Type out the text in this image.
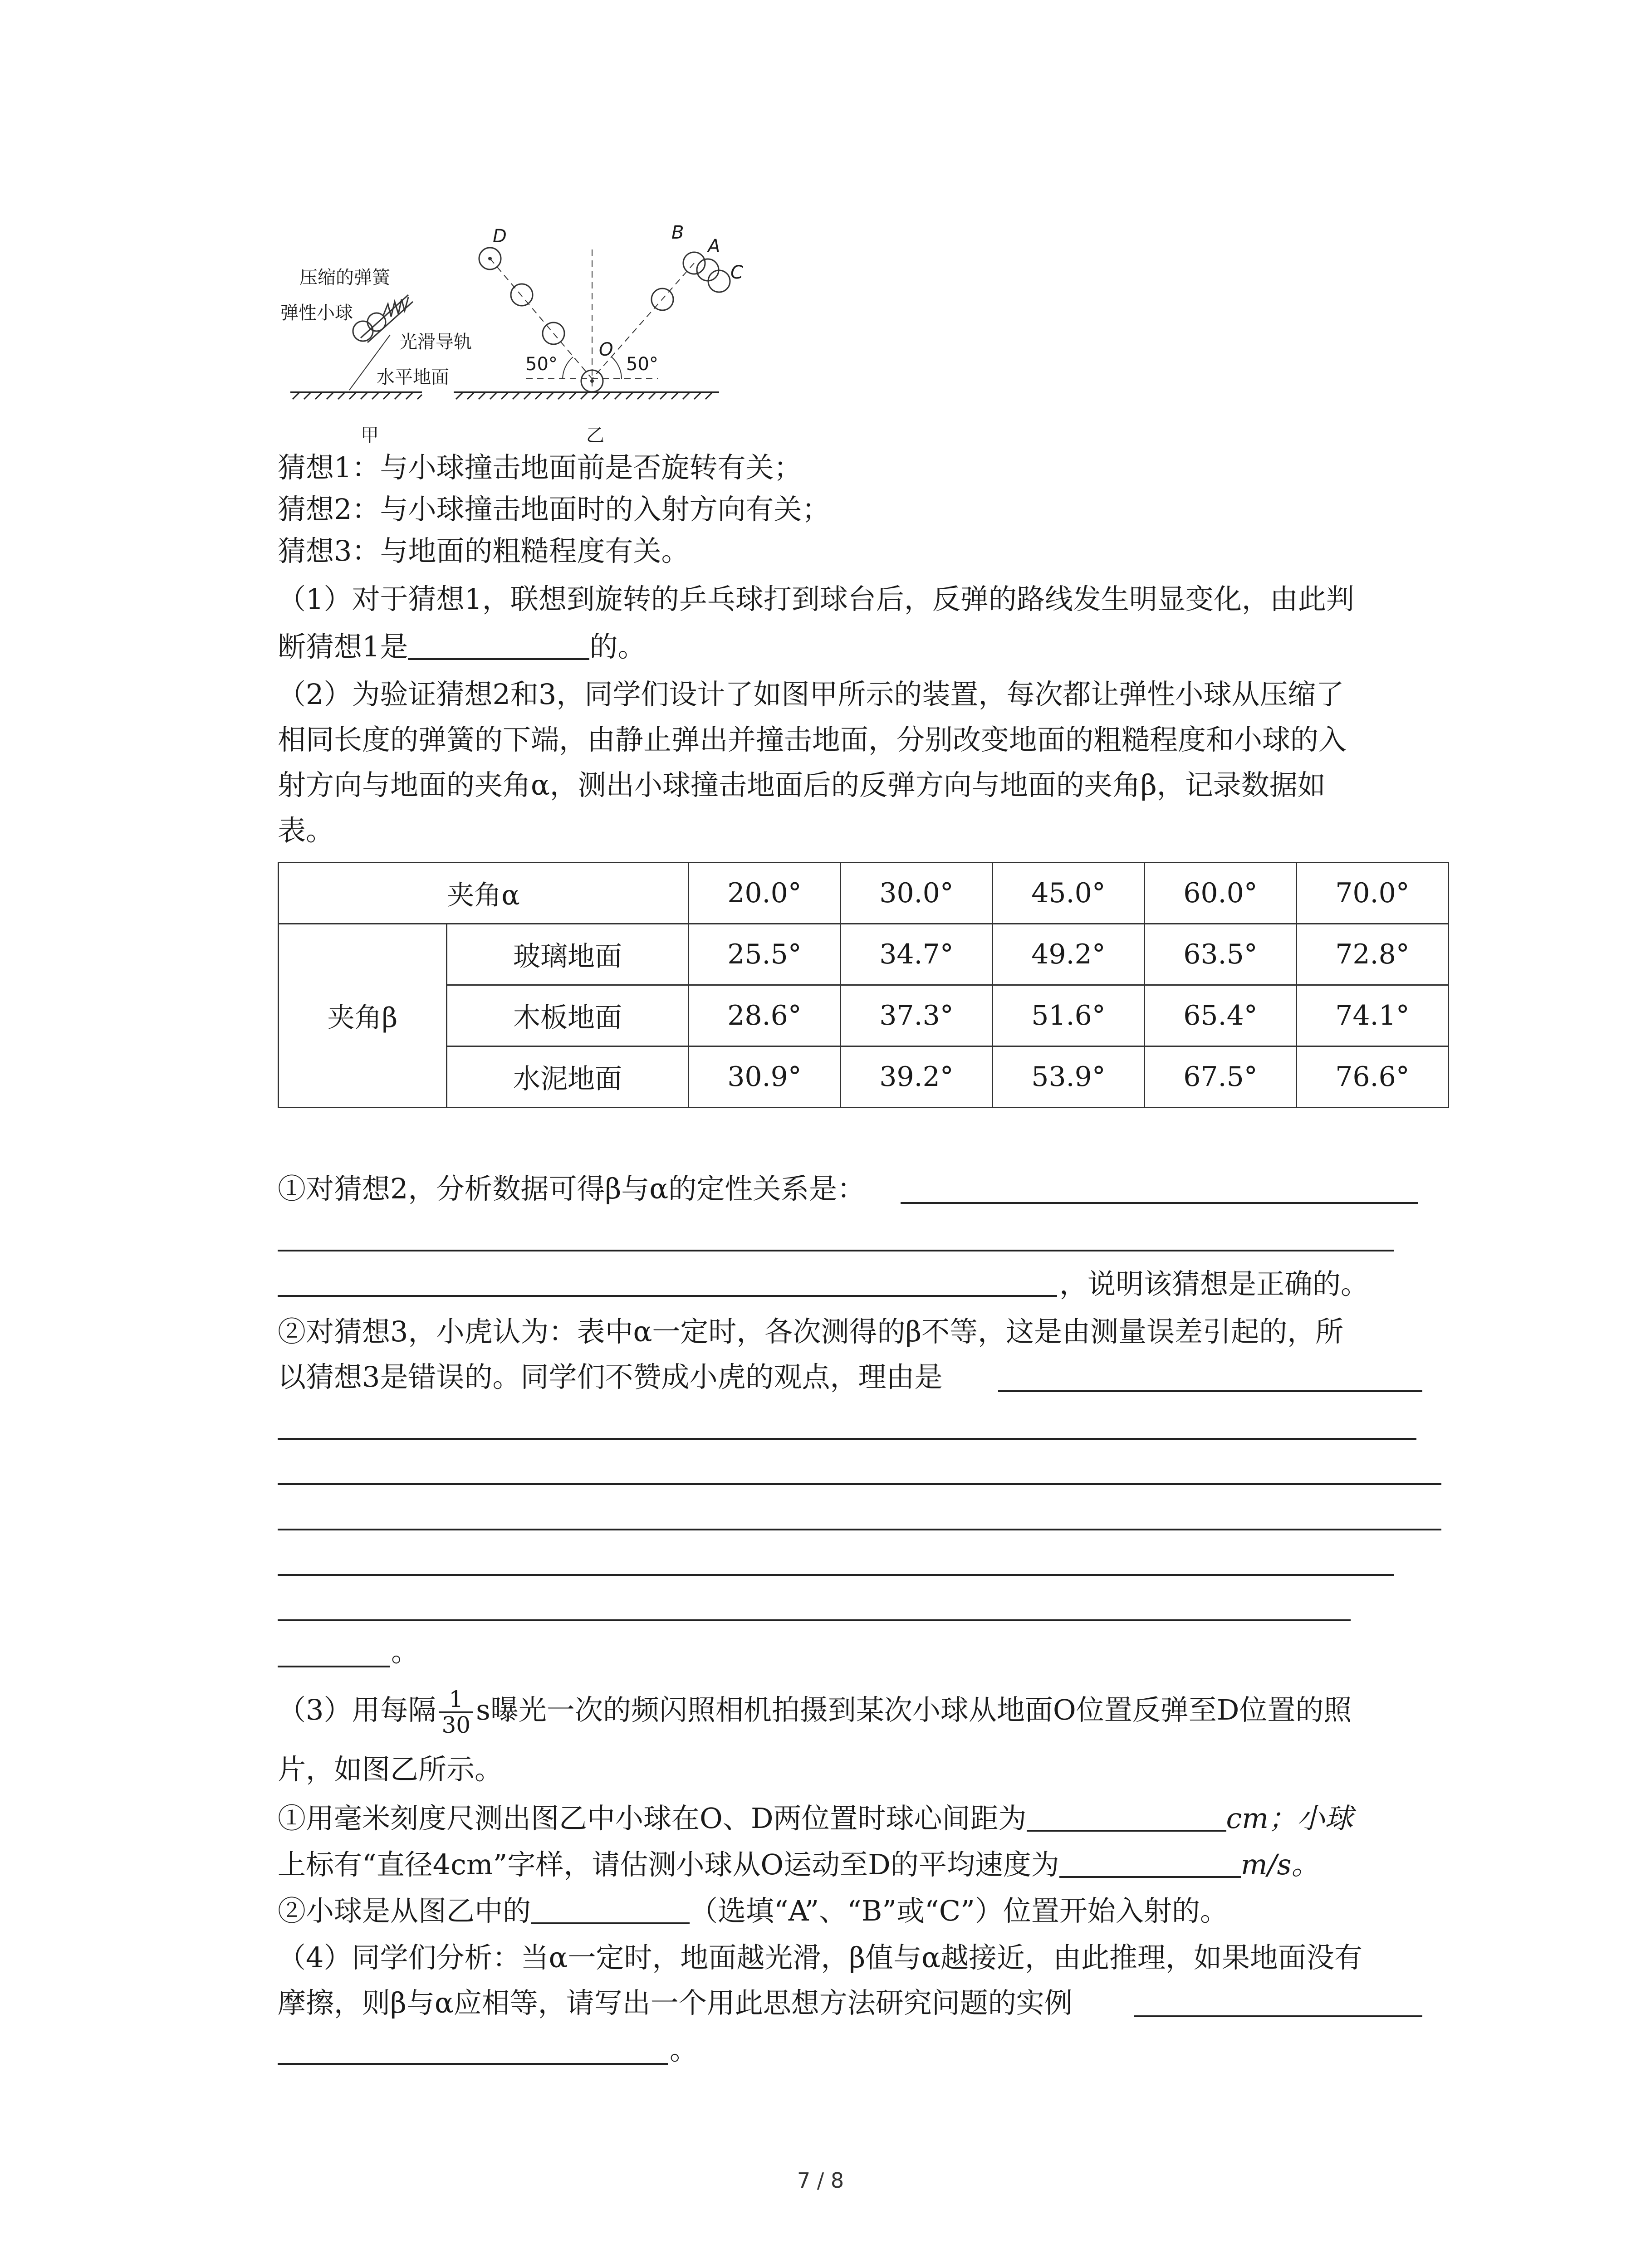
压缩的弹簧
弹性小球
光滑导轨
水平地面
甲
D	B
A
C
O
50°	50°
乙
猜想1：与小球撞击地面前是否旋转有关；
猜想2：与小球撞击地面时的入射方向有关；
猜想3：与地面的粗糙程度有关。
（1）对于猜想1，联想到旋转的乒乓球打到球台后，反弹的路线发生明显变化，由此判
断猜想1是	的。
（2）为验证猜想2和3，同学们设计了如图甲所示的装置，每次都让弹性小球从压缩了
相同长度的弹簧的下端，由静止弹出并撞击地面，分别改变地面的粗糙程度和小球的入
射方向与地面的夹角α，测出小球撞击地面后的反弹方向与地面的夹角β，记录数据如
表。
夹角α		20.0°	30.0°	45.0°	60.0°	70.0°
夹角β	玻璃地面	25.5°	34.7°	49.2°	63.5°	72.8°
	木板地面	28.6°	37.3°	51.6°	65.4°	74.1°
	水泥地面	30.9°	39.2°	53.9°	67.5°	76.6°
①对猜想2，分析数据可得β与α的定性关系是：
，说明该猜想是正确的。
②对猜想3，小虎认为：表中α一定时，各次测得的β不等，这是由测量误差引起的，所
以猜想3是错误的。同学们不赞成小虎的观点，理由是
。
（3）用每隔 $\frac{1}{30}$ s曝光一次的频闪照相机拍摄到某次小球从地面O位置反弹至D位置的照
片，如图乙所示。
①用毫米刻度尺测出图乙中小球在O、D两位置时球心间距为	cm；小球
上标有“直径4cm”字样，请估测小球从O运动至D的平均速度为	m/s。
②小球是从图乙中的	（选填“A”、“B”或“C”）位置开始入射的。
（4）同学们分析：当α一定时，地面越光滑，β值与α越接近，由此推理，如果地面没有
摩擦，则β与α应相等，请写出一个用此思想方法研究问题的实例
。
7 / 8
